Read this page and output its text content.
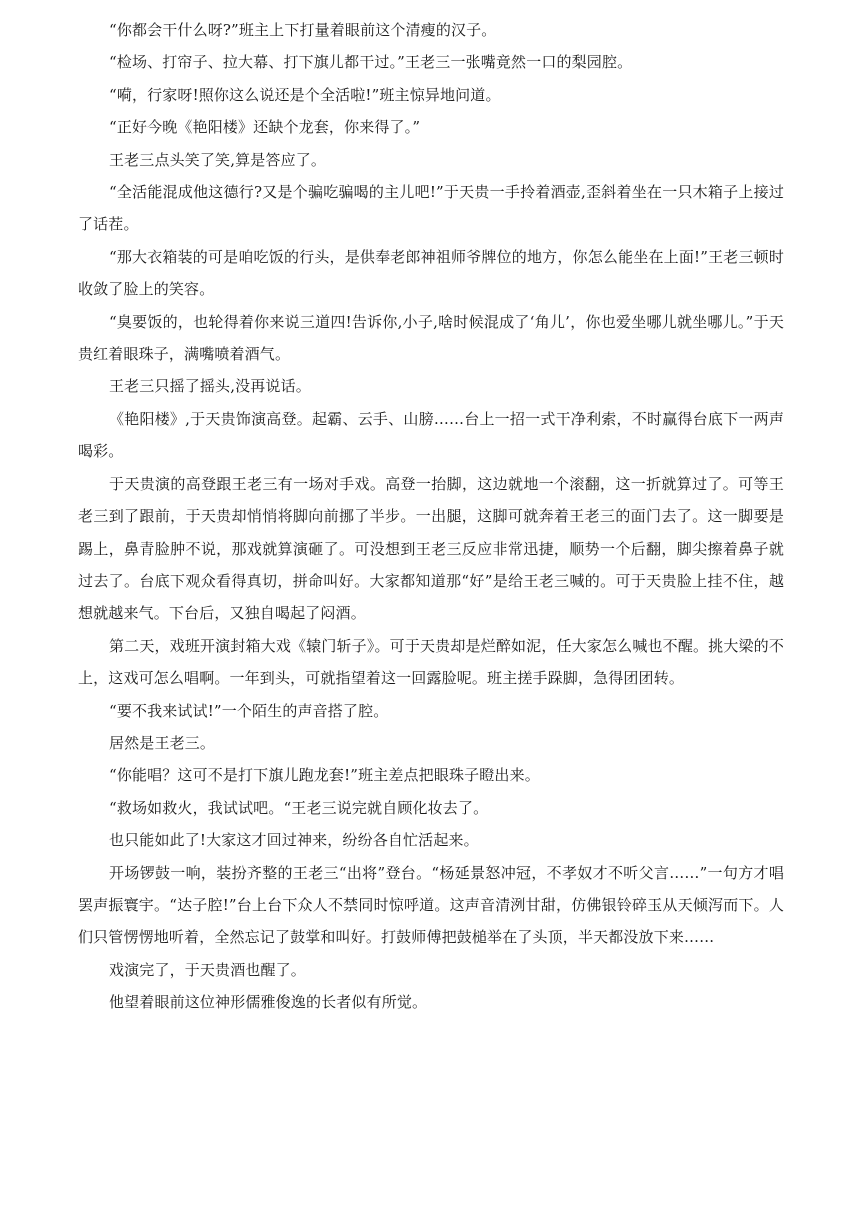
“你都会干什么呀?”班主上下打量着眼前这个清瘦的汉子。

“检场、打帘子、拉大幕、打下旗儿都干过。”王老三一张嘴竟然一口的梨园腔。

“嗬，行家呀!照你这么说还是个全活啦!”班主惊异地问道。

“正好今晚《艳阳楼》还缺个龙套，你来得了。”

王老三点头笑了笑,算是答应了。

“全活能混成他这德行?又是个骗吃骗喝的主儿吧!”于天贵一手拎着酒壶,歪斜着坐在一只木箱子上接过了话茬。

“那大衣箱装的可是咱吃饭的行头，是供奉老郎神祖师爷牌位的地方，你怎么能坐在上面!”王老三顿时收敛了脸上的笑容。

“臭要饭的，也轮得着你来说三道四!告诉你,小子,啥时候混成了‘角儿’，你也爱坐哪儿就坐哪儿。”于天贵红着眼珠子，满嘴喷着酒气。

王老三只摇了摇头,没再说话。

《艳阳楼》,于天贵饰演高登。起霸、云手、山膀……台上一招一式干净利索，不时赢得台底下一两声喝彩。

于天贵演的高登跟王老三有一场对手戏。高登一抬脚，这边就地一个滚翻，这一折就算过了。可等王老三到了跟前，于天贵却悄悄将脚向前挪了半步。一出腿，这脚可就奔着王老三的面门去了。这一脚要是踢上，鼻青脸肿不说，那戏就算演砸了。可没想到王老三反应非常迅捷，顺势一个后翻，脚尖擦着鼻子就过去了。台底下观众看得真切，拼命叫好。大家都知道那“好”是给王老三喊的。可于天贵脸上挂不住，越想就越来气。下台后，又独自喝起了闷酒。

第二天，戏班开演封箱大戏《辕门斩子》。可于天贵却是烂醉如泥，任大家怎么喊也不醒。挑大梁的不上，这戏可怎么唱啊。一年到头，可就指望着这一回露脸呢。班主搓手跺脚，急得团团转。

“要不我来试试!”一个陌生的声音搭了腔。

居然是王老三。

“你能唱？这可不是打下旗儿跑龙套!”班主差点把眼珠子瞪出来。

“救场如救火，我试试吧。“王老三说完就自顾化妆去了。

也只能如此了!大家这才回过神来，纷纷各自忙活起来。

开场锣鼓一响，装扮齐整的王老三“出将”登台。“杨延景怒冲冠，不孝奴才不听父言……”一句方才唱罢声振寰宇。“达子腔!”台上台下众人不禁同时惊呼道。这声音清洌甘甜，仿佛银铃碎玉从天倾泻而下。人们只管愣愣地听着，全然忘记了鼓掌和叫好。打鼓师傅把鼓槌举在了头顶，半天都没放下来……

戏演完了，于天贵酒也醒了。

他望着眼前这位神形儒雅俊逸的长者似有所觉。
